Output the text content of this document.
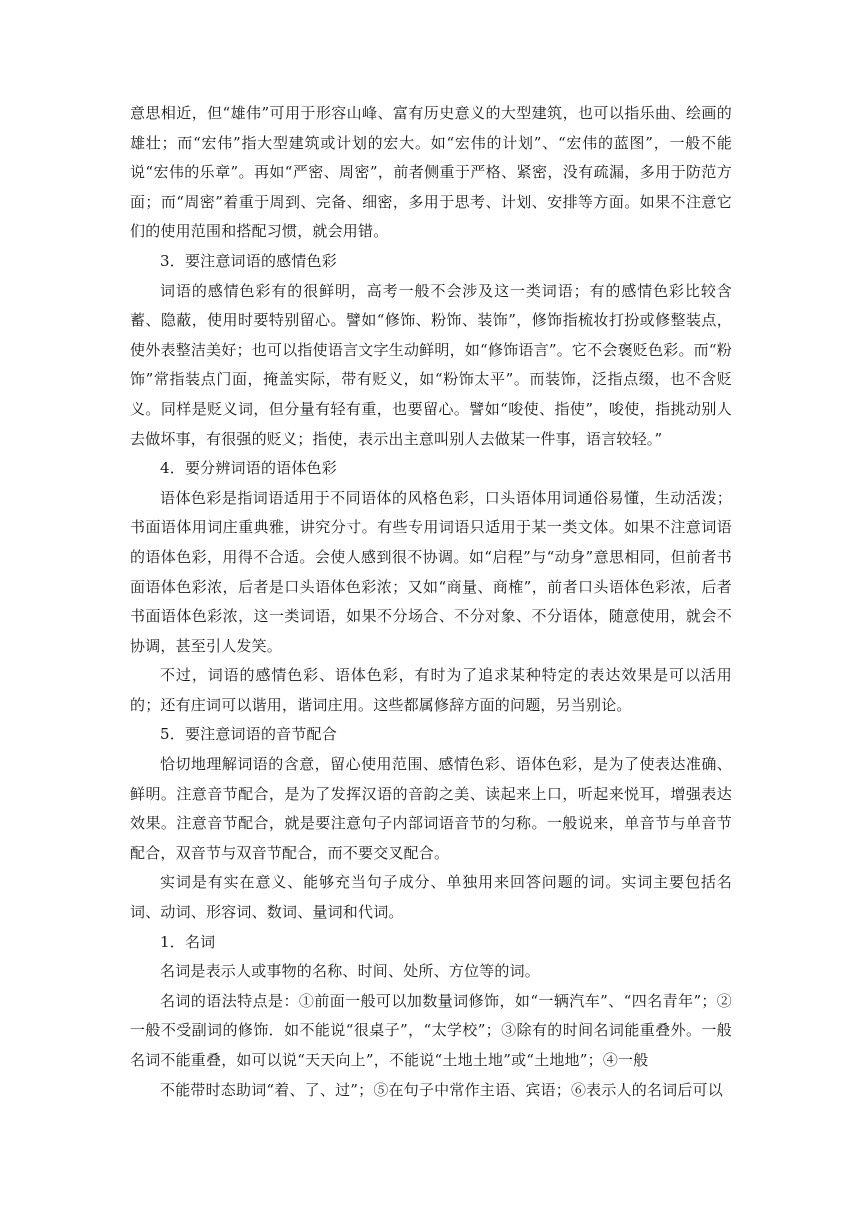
意思相近，但“雄伟”可用于形容山峰、富有历史意义的大型建筑，也可以指乐曲、绘画的雄壮；而“宏伟”指大型建筑或计划的宏大。如“宏伟的计划”、“宏伟的蓝图”，一般不能说“宏伟的乐章”。再如“严密、周密”，前者侧重于严格、紧密，没有疏漏，多用于防范方面；而“周密”着重于周到、完备、细密，多用于思考、计划、安排等方面。如果不注意它们的使用范围和搭配习惯，就会用错。

3．要注意词语的感情色彩

词语的感情色彩有的很鲜明，高考一般不会涉及这一类词语；有的感情色彩比较含蓄、隐蔽，使用时要特别留心。譬如“修饰、粉饰、装饰”，修饰指梳妆打扮或修整装点，使外表整洁美好；也可以指使语言文字生动鲜明，如“修饰语言”。它不会褒贬色彩。而“粉饰”常指装点门面，掩盖实际，带有贬义，如“粉饰太平”。而装饰，泛指点缀，也不含贬义。同样是贬义词，但分量有轻有重，也要留心。譬如“唆使、指使”，唆使，指挑动别人去做坏事，有很强的贬义；指使，表示出主意叫别人去做某一件事，语言较轻。”

4．要分辨词语的语体色彩

语体色彩是指词语适用于不同语体的风格色彩，口头语体用词通俗易懂，生动活泼；书面语体用词庄重典雅，讲究分寸。有些专用词语只适用于某一类文体。如果不注意词语的语体色彩，用得不合适。会使人感到很不协调。如“启程”与“动身”意思相同，但前者书面语体色彩浓，后者是口头语体色彩浓；又如“商量、商榷”，前者口头语体色彩浓，后者书面语体色彩浓，这一类词语，如果不分场合、不分对象、不分语体，随意使用，就会不协调，甚至引人发笑。

不过，词语的感情色彩、语体色彩，有时为了追求某种特定的表达效果是可以活用的；还有庄词可以谐用，谐词庄用。这些都属修辞方面的问题，另当别论。

5．要注意词语的音节配合

恰切地理解词语的含意，留心使用范围、感情色彩、语体色彩，是为了使表达准确、鲜明。注意音节配合，是为了发挥汉语的音韵之美、读起来上口，听起来悦耳，增强表达效果。注意音节配合，就是要注意句子内部词语音节的匀称。一般说来，单音节与单音节配合，双音节与双音节配合，而不要交叉配合。

实词是有实在意义、能够充当句子成分、单独用来回答问题的词。实词主要包括名词、动词、形容词、数词、量词和代词。

1．名词

名词是表示人或事物的名称、时间、处所、方位等的词。

名词的语法特点是：①前面一般可以加数量词修饰，如“一辆汽车”、“四名青年”；②一般不受副词的修饰．如不能说“很桌子”，“太学校”；③除有的时间名词能重叠外。一般名词不能重叠，如可以说“天天向上”，不能说“土地土地”或“土地地”；④一般

不能带时态助词“着、了、过”；⑤在句子中常作主语、宾语；⑥表示人的名词后可以
